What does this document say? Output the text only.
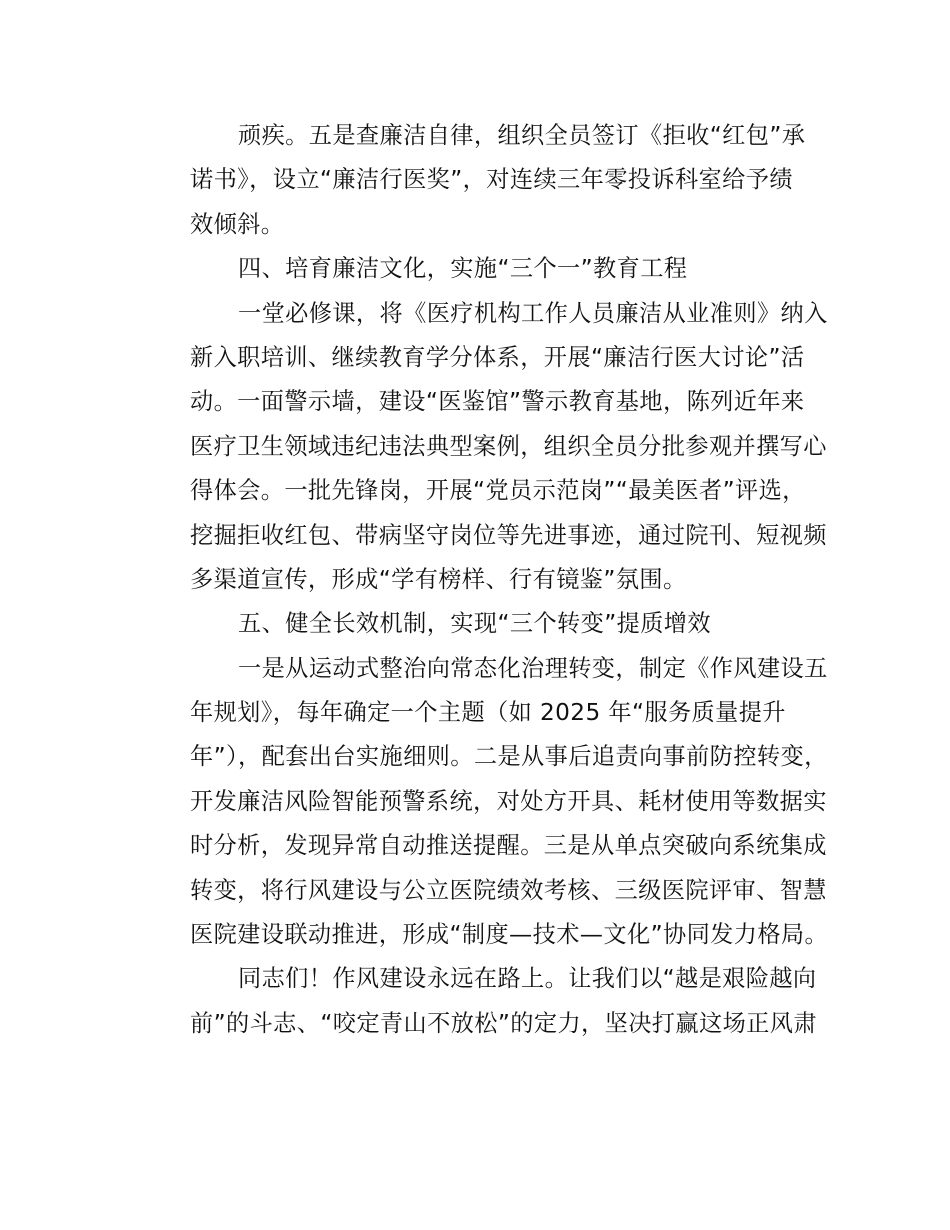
顽疾。五是查廉洁自律，组织全员签订《拒收“红包”承
诺书》，设立“廉洁行医奖”，对连续三年零投诉科室给予绩
效倾斜。
四、培育廉洁文化，实施“三个一”教育工程
一堂必修课，将《医疗机构工作人员廉洁从业准则》纳入
新入职培训、继续教育学分体系，开展“廉洁行医大讨论”活
动。一面警示墙，建设“医鉴馆”警示教育基地，陈列近年来
医疗卫生领域违纪违法典型案例，组织全员分批参观并撰写心
得体会。一批先锋岗，开展“党员示范岗”“最美医者”评选，
挖掘拒收红包、带病坚守岗位等先进事迹，通过院刊、短视频
多渠道宣传，形成“学有榜样、行有镜鉴”氛围。
五、健全长效机制，实现“三个转变”提质增效
一是从运动式整治向常态化治理转变，制定《作风建设五
年规划》，每年确定一个主题（如 2025 年“服务质量提升
年”），配套出台实施细则。二是从事后追责向事前防控转变，
开发廉洁风险智能预警系统，对处方开具、耗材使用等数据实
时分析，发现异常自动推送提醒。三是从单点突破向系统集成
转变，将行风建设与公立医院绩效考核、三级医院评审、智慧
医院建设联动推进，形成“制度—技术—文化”协同发力格局。
同志们！作风建设永远在路上。让我们以“越是艰险越向
前”的斗志、“咬定青山不放松”的定力，坚决打赢这场正风肃
